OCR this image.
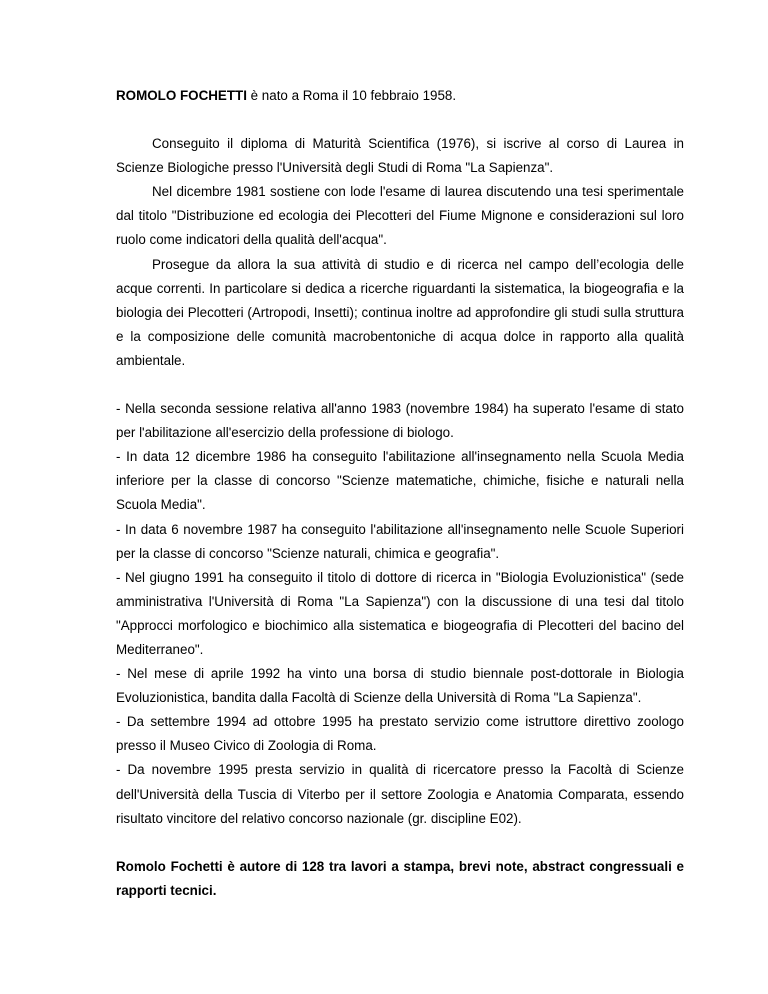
ROMOLO FOCHETTI è nato a Roma il 10 febbraio 1958.

Conseguito il diploma di Maturità Scientifica (1976), si iscrive al corso di Laurea in Scienze Biologiche presso l'Università degli Studi di Roma "La Sapienza".

Nel dicembre 1981 sostiene con lode l'esame di laurea discutendo una tesi sperimentale dal titolo "Distribuzione ed ecologia dei Plecotteri del Fiume Mignone e considerazioni sul loro ruolo come indicatori della qualità dell'acqua".

Prosegue da allora la sua attività di studio e di ricerca nel campo dell’ecologia delle acque correnti. In particolare si dedica a ricerche riguardanti la sistematica, la biogeografia e la biologia dei Plecotteri (Artropodi, Insetti); continua inoltre ad approfondire gli studi sulla struttura e la composizione delle comunità macrobentoniche di acqua dolce in rapporto alla qualità ambientale.

- Nella seconda sessione relativa all'anno 1983 (novembre 1984) ha superato l'esame di stato per l'abilitazione all'esercizio della professione di biologo.

- In data 12 dicembre 1986 ha conseguito l'abilitazione all'insegnamento nella Scuola Media inferiore per la classe di concorso "Scienze matematiche, chimiche, fisiche e naturali nella Scuola Media".

- In data 6 novembre 1987 ha conseguito l'abilitazione all'insegnamento nelle Scuole Superiori per la classe di concorso "Scienze naturali, chimica e geografia".

- Nel giugno 1991 ha conseguito il titolo di dottore di ricerca in "Biologia Evoluzionistica" (sede amministrativa l'Università di Roma "La Sapienza") con la discussione di una tesi dal titolo "Approcci morfologico e biochimico alla sistematica e biogeografia di Plecotteri del bacino del Mediterraneo".

- Nel mese di aprile 1992 ha vinto una borsa di studio biennale post-dottorale in Biologia Evoluzionistica, bandita dalla Facoltà di Scienze della Università di Roma "La Sapienza".

- Da settembre 1994 ad ottobre 1995 ha prestato servizio come istruttore direttivo zoologo presso il Museo Civico di Zoologia di Roma.

- Da novembre 1995 presta servizio in qualità di ricercatore presso la Facoltà di Scienze dell'Università della Tuscia di Viterbo per il settore Zoologia e Anatomia Comparata, essendo risultato vincitore del relativo concorso nazionale (gr. discipline E02).

Romolo Fochetti è autore di 128 tra lavori a stampa, brevi note, abstract congressuali e rapporti tecnici.
